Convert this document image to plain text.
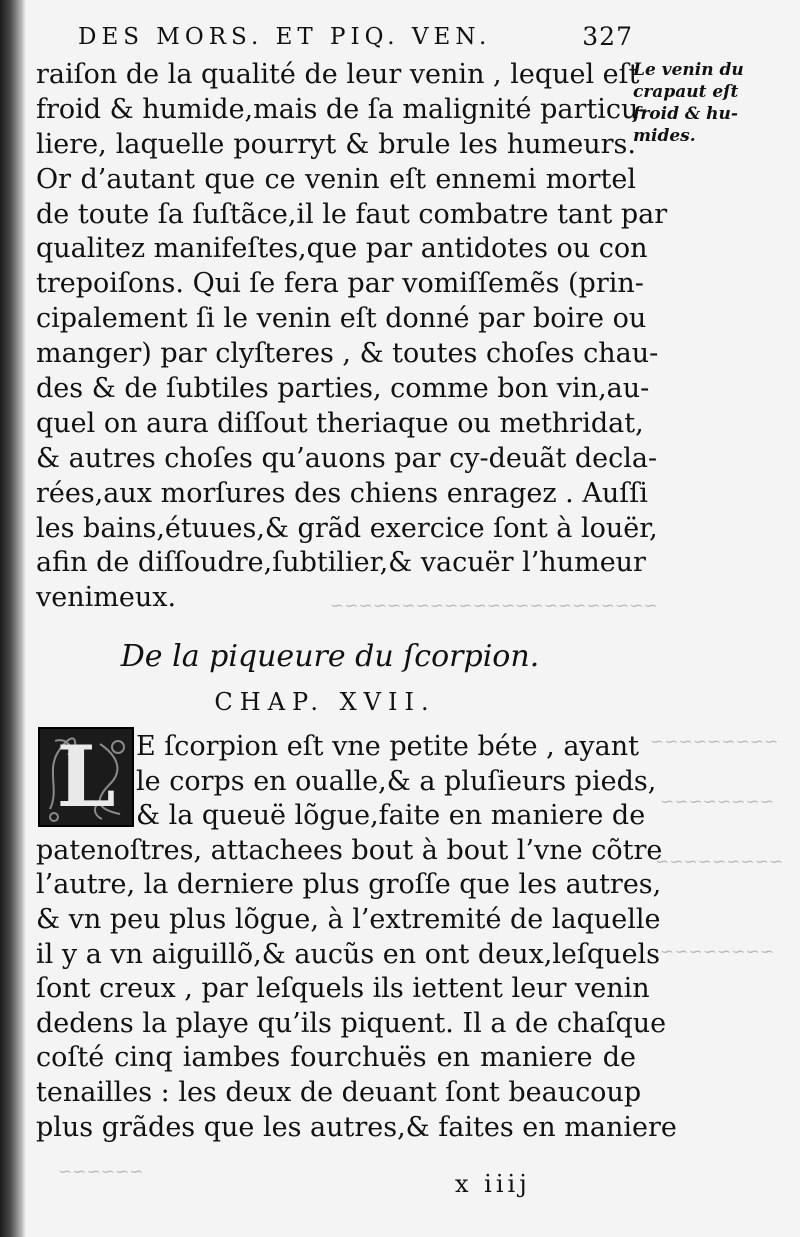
~~~~~~~~~~~~~~~~~~~~~~~
~~~~~~~~~
~~~~~~~~
~~~~~~~~~
~~~~~~~~
~~~~~~
DES MORS. ET PIQ. VEN.	327
Le venin du
crapaut eſt
froid & hu-
mides.
raiſon de la qualité de leur venin , lequel eſt
froid & humide,mais de ſa malignité particu-
liere, laquelle pourryt & brule les humeurs.
Or d’autant que ce venin eſt ennemi mortel
de toute ſa ſuſtãce,il le faut combatre tant par
qualitez manifeſtes,que par antidotes ou con
trepoiſons. Qui ſe fera par vomiſſemẽs (prin-
cipalement ſi le venin eſt donné par boire ou
manger) par clyſteres , & toutes choſes chau-
des & de ſubtiles parties, comme bon vin,au-
quel on aura diſſout theriaque ou methridat,
& autres choſes qu’auons par cy-deuãt decla-
rées,aux morſures des chiens enragez . Auſſi
les bains,étuues,& grãd exercice ſont à louër,
afin de diſſoudre,ſubtilier,& vacuër l’humeur
venimeux.
De la piqueure du ſcorpion.
CHAP. XVII.
L E ſcorpion eſt vne petite béte , ayant
le corps en oualle,& a pluſieurs pieds,
& la queuë lõgue,faite en maniere de
patenoſtres, attachees bout à bout l’vne cõtre
l’autre, la derniere plus groſſe que les autres,
& vn peu plus lõgue, à l’extremité de laquelle
il y a vn aiguillõ,& aucũs en ont deux,leſquels
ſont creux , par leſquels ils iettent leur venin
dedens la playe qu’ils piquent. Il a de chaſque
coſté cinq iambes fourchuës en maniere de
tenailles : les deux de deuant ſont beaucoup
plus grãdes que les autres,& faites en maniere
x iiij
